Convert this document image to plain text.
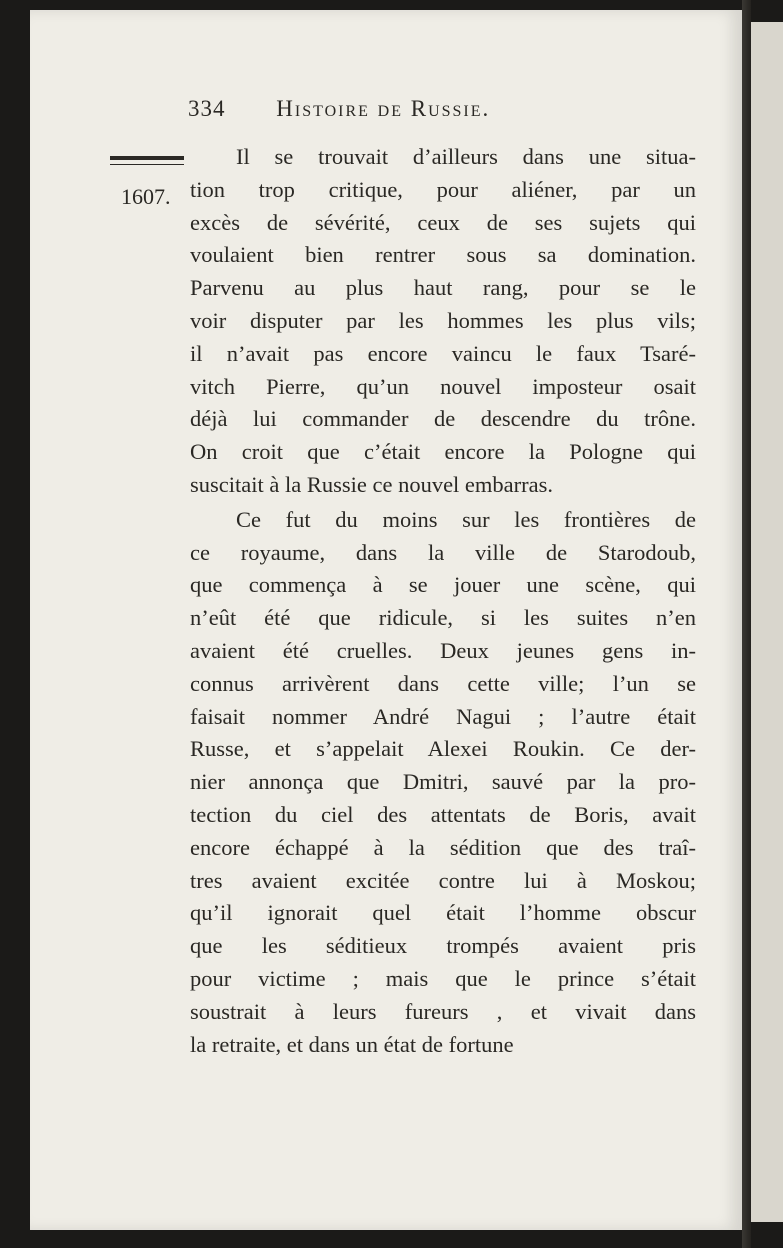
334 Histoire de Russie.
1607.
Il se trouvait d’ailleurs dans une situa-
tion trop critique, pour aliéner, par un
excès de sévérité, ceux de ses sujets qui
voulaient bien rentrer sous sa domination.
Parvenu au plus haut rang, pour se le
voir disputer par les hommes les plus vils;
il n’avait pas encore vaincu le faux Tsaré-
vitch Pierre, qu’un nouvel imposteur osait
déjà lui commander de descendre du trône.
On croit que c’était encore la Pologne qui
suscitait à la Russie ce nouvel embarras.
Ce fut du moins sur les frontières de
ce royaume, dans la ville de Starodoub,
que commença à se jouer une scène, qui
n’eût été que ridicule, si les suites n’en
avaient été cruelles. Deux jeunes gens in-
connus arrivèrent dans cette ville; l’un se
faisait nommer André Nagui ; l’autre était
Russe, et s’appelait Alexei Roukin. Ce der-
nier annonça que Dmitri, sauvé par la pro-
tection du ciel des attentats de Boris, avait
encore échappé à la sédition que des traî-
tres avaient excitée contre lui à Moskou;
qu’il ignorait quel était l’homme obscur
que les séditieux trompés avaient pris
pour victime ; mais que le prince s’était
soustrait à leurs fureurs , et vivait dans
la retraite, et dans un état de fortune
